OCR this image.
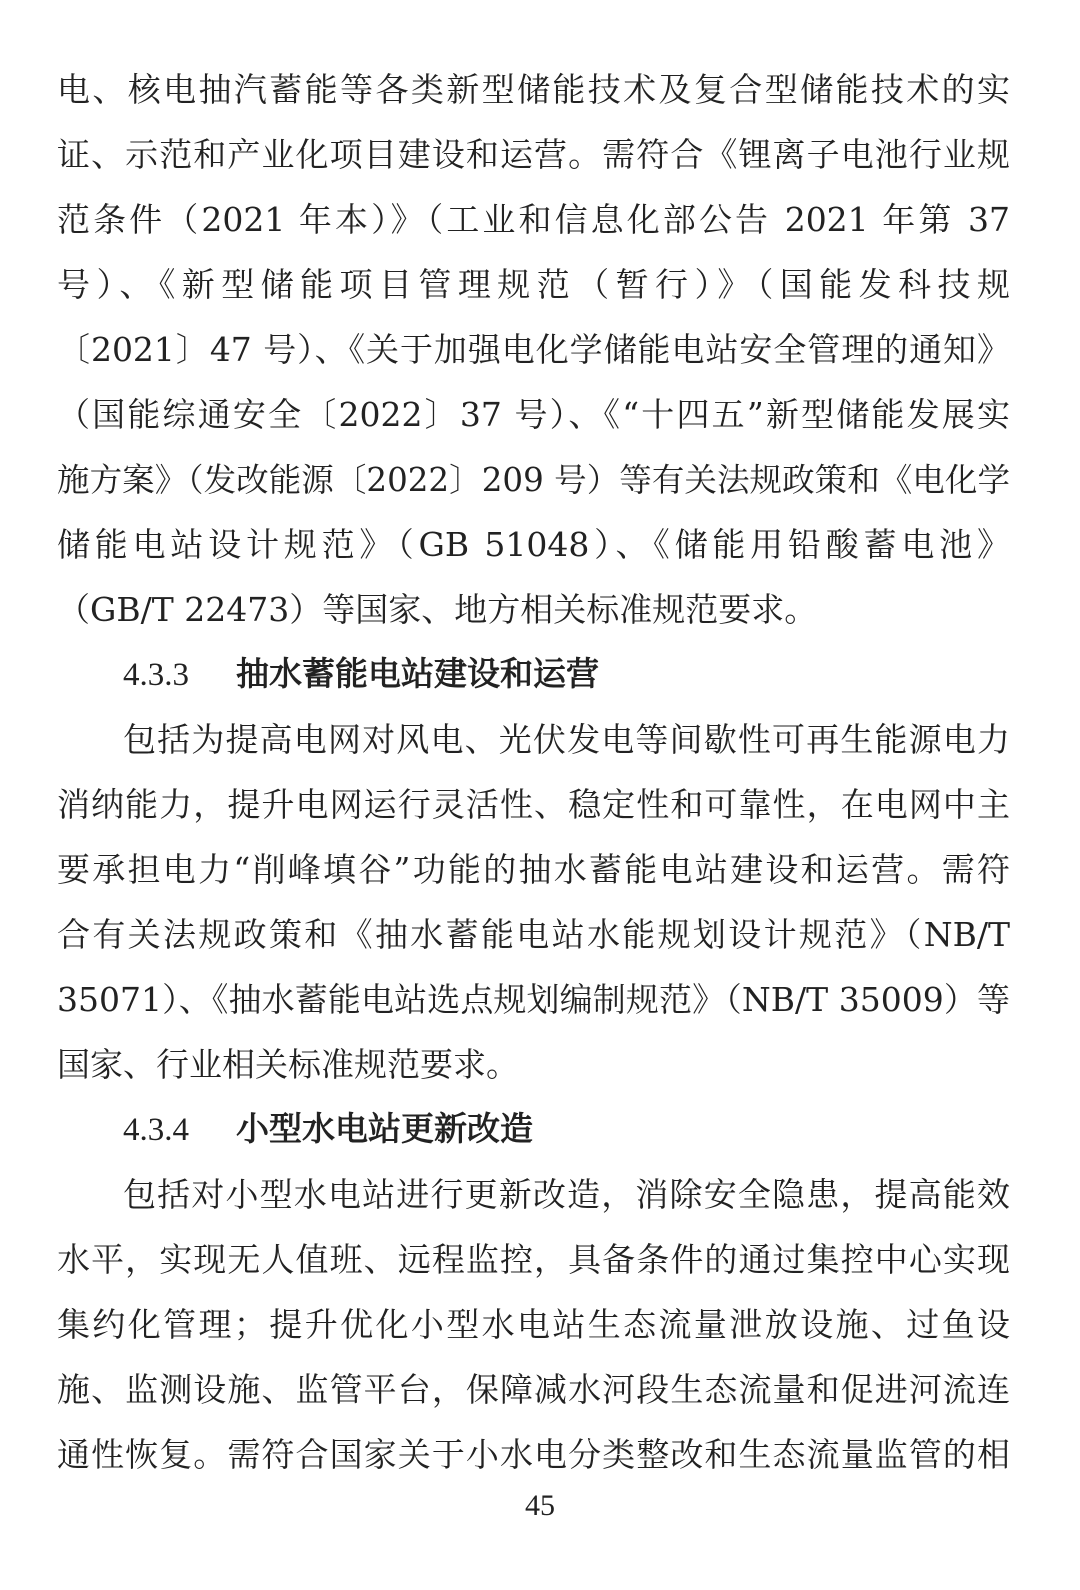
电、核电抽汽蓄能等各类新型储能技术及复合型储能技术的实
证、示范和产业化项目建设和运营。需符合《锂离子电池行业规
范条件（2021 年本）》（工业和信息化部公告 2021 年第 37
号）、《新型储能项目管理规范（暂行）》（国能发科技规
〔2021〕47 号）、《关于加强电化学储能电站安全管理的通知》
（国能综通安全〔2022〕37 号）、《“十四五”新型储能发展实
施方案》（发改能源〔2022〕209 号）等有关法规政策和《电化学
储能电站设计规范》（GB 51048）、《储能用铅酸蓄电池》
（GB/T 22473）等国家、地方相关标准规范要求。
4.3.3 抽水蓄能电站建设和运营
包括为提高电网对风电、光伏发电等间歇性可再生能源电力
消纳能力，提升电网运行灵活性、稳定性和可靠性，在电网中主
要承担电力“削峰填谷”功能的抽水蓄能电站建设和运营。需符
合有关法规政策和《抽水蓄能电站水能规划设计规范》（NB/T
35071）、《抽水蓄能电站选点规划编制规范》（NB/T 35009）等
国家、行业相关标准规范要求。
4.3.4 小型水电站更新改造
包括对小型水电站进行更新改造，消除安全隐患，提高能效
水平，实现无人值班、远程监控，具备条件的通过集控中心实现
集约化管理；提升优化小型水电站生态流量泄放设施、过鱼设
施、监测设施、监管平台，保障减水河段生态流量和促进河流连
通性恢复。需符合国家关于小水电分类整改和生态流量监管的相
45
